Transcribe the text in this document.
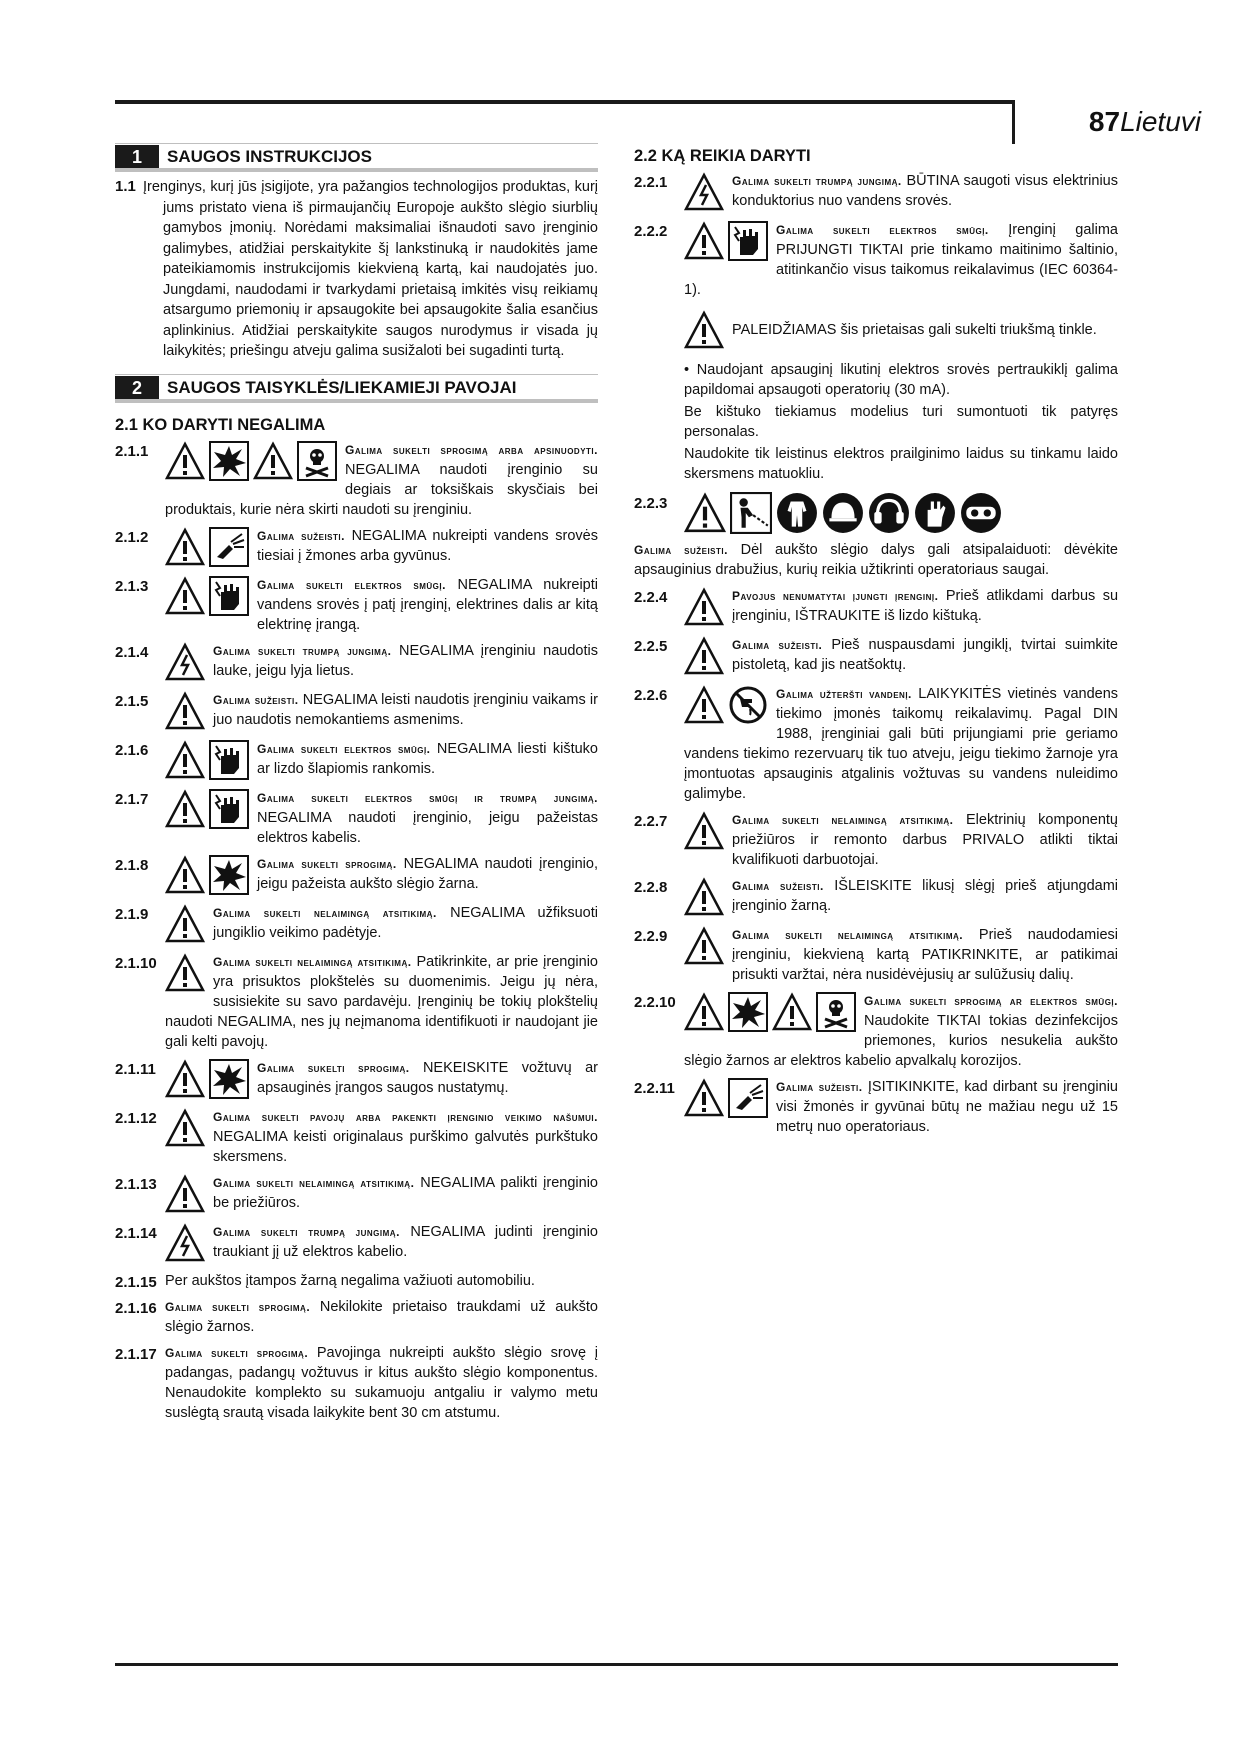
87Lietuvi
1	SAUGOS INSTRUKCIJOS

1.1 Įrenginys, kurį jūs įsigijote, yra pažangios technologijos produktas, kurį jums pristato viena iš pirmaujančių Europoje aukšto slėgio siurblių gamybos įmonių. Norėdami maksimaliai išnaudoti savo įrenginio galimybes, atidžiai perskaitykite šį lankstinuką ir naudokitės jame pateikiamomis instrukcijomis kiekvieną kartą, kai naudojatės juo. Jungdami, naudodami ir tvarkydami prietaisą imkitės visų reikiamų atsargumo priemonių ir apsaugokite bei apsaugokite šalia esančius aplinkinius. Atidžiai perskaitykite saugos nurodymus ir visada jų laikykitės; priešingu atveju galima susižaloti bei sugadinti turtą.

2	SAUGOS TAISYKLĖS/LIEKAMIEJI PAVOJAI
2.1 KO DARYTI NEGALIMA
2.1.1	Galima sukelti sprogimą arba apsinuodyti. NEGALIMA naudoti įrenginio su degiais ar toksiškais skysčiais bei produktais, kurie nėra skirti naudoti su įrenginiu.
2.1.2	Galima sužeisti. NEGALIMA nukreipti vandens srovės tiesiai į žmones arba gyvūnus.
2.1.3	Galima sukelti elektros smūgį. NEGALIMA nukreipti vandens srovės į patį įrenginį, elektrines dalis ar kitą elektrinę įrangą.
2.1.4	Galima sukelti trumpą jungimą. NEGALIMA įrenginiu naudotis lauke, jeigu lyja lietus.
2.1.5	Galima sužeisti. NEGALIMA leisti naudotis įrenginiu vaikams ir juo naudotis nemokantiems asmenims.
2.1.6	Galima sukelti elektros smūgį. NEGALIMA liesti kištuko ar lizdo šlapiomis rankomis.
2.1.7	Galima sukelti elektros smūgį ir trumpą jungimą. NEGALIMA naudoti įrenginio, jeigu pažeistas elektros kabelis.
2.1.8	Galima sukelti sprogimą. NEGALIMA naudoti įrenginio, jeigu pažeista aukšto slėgio žarna.
2.1.9	Galima sukelti nelaimingą atsitikimą. NEGALIMA užfiksuoti jungiklio veikimo padėtyje.
2.1.10	Galima sukelti nelaimingą atsitikimą. Patikrinkite, ar prie įrenginio yra prisuktos plokštelės su duomenimis. Jeigu jų nėra, susisiekite su savo pardavėju. Įrenginių be tokių plokštelių naudoti NEGALIMA, nes jų neįmanoma identifikuoti ir naudojant jie gali kelti pavojų.
2.1.11	Galima sukelti sprogimą. NEKEISKITE vožtuvų ar apsauginės įrangos saugos nustatymų.
2.1.12	Galima sukelti pavojų arba pakenkti įrenginio veikimo našumui. NEGALIMA keisti originalaus purškimo galvutės purkštuko skersmens.
2.1.13	Galima sukelti nelaimingą atsitikimą. NEGALIMA palikti įrenginio be priežiūros.
2.1.14	Galima sukelti trumpą jungimą. NEGALIMA judinti įrenginio traukiant jį už elektros kabelio.
2.1.15 Per aukštos įtampos žarną negalima važiuoti automobiliu.
2.1.16 Galima sukelti sprogimą. Nekilokite prietaiso traukdami už aukšto slėgio žarnos.
2.1.17 Galima sukelti sprogimą. Pavojinga nukreipti aukšto slėgio srovę į padangas, padangų vožtuvus ir kitus aukšto slėgio komponentus. Nenaudokite komplekto su sukamuoju antgaliu ir valymo metu suslėgtą srautą visada laikykite bent 30 cm atstumu.
2.2 KĄ REIKIA DARYTI
2.2.1	Galima sukelti trumpą jungimą. BŪTINA saugoti visus elektrinius konduktorius nuo vandens srovės.
2.2.2	Galima sukelti elektros smūgį. Įrenginį galima PRIJUNGTI TIKTAI prie tinkamo maitinimo šaltinio, atitinkančio visus taikomus reikalavimus (IEC 60364-1).
PALEIDŽIAMAS šis prietaisas gali sukelti triukšmą tinkle.
• Naudojant apsauginį likutinį elektros srovės pertraukiklį galima papildomai apsaugoti operatorių (30 mA).
Be kištuko tiekiamus modelius turi sumontuoti tik patyręs personalas.
Naudokite tik leistinus elektros prailginimo laidus su tinkamu laido skersmens matuokliu.
2.2.3
Galima sužeisti. Dėl aukšto slėgio dalys gali atsipalaiduoti: dėvėkite apsauginius drabužius, kurių reikia užtikrinti operatoriaus saugai.
2.2.4	Pavojus nenumatytai įjungti įrenginį. Prieš atlikdami darbus su įrenginiu, IŠTRAUKITE iš lizdo kištuką.
2.2.5	Galima sužeisti. Pieš nuspausdami jungiklį, tvirtai suimkite pistoletą, kad jis neatšoktų.
2.2.6	Galima užteršti vandenį. LAIKYKITĖS vietinės vandens tiekimo įmonės taikomų reikalavimų. Pagal DIN 1988, įrenginiai gali būti prijungiami prie geriamo vandens tiekimo rezervuarų tik tuo atveju, jeigu tiekimo žarnoje yra įmontuotas apsauginis atgalinis vožtuvas su vandens nuleidimo galimybe.
2.2.7	Galima sukelti nelaimingą atsitikimą. Elektrinių komponentų priežiūros ir remonto darbus PRIVALO atlikti tiktai kvalifikuoti darbuotojai.
2.2.8	Galima sužeisti. IŠLEISKITE likusį slėgį prieš atjungdami įrenginio žarną.
2.2.9	Galima sukelti nelaimingą atsitikimą. Prieš naudodamiesi įrenginiu, kiekvieną kartą PATIKRINKITE, ar patikimai prisukti varžtai, nėra nusidėvėjusių ar sulūžusių dalių.
2.2.10	Galima sukelti sprogimą ar elektros smūgį. Naudokite TIKTAI tokias dezinfekcijos priemones, kurios nesukelia aukšto slėgio žarnos ar elektros kabelio apvalkalų korozijos.
2.2.11	Galima sužeisti. ĮSITIKINKITE, kad dirbant su įrenginiu visi žmonės ir gyvūnai būtų ne mažiau negu už 15 metrų nuo operatoriaus.
